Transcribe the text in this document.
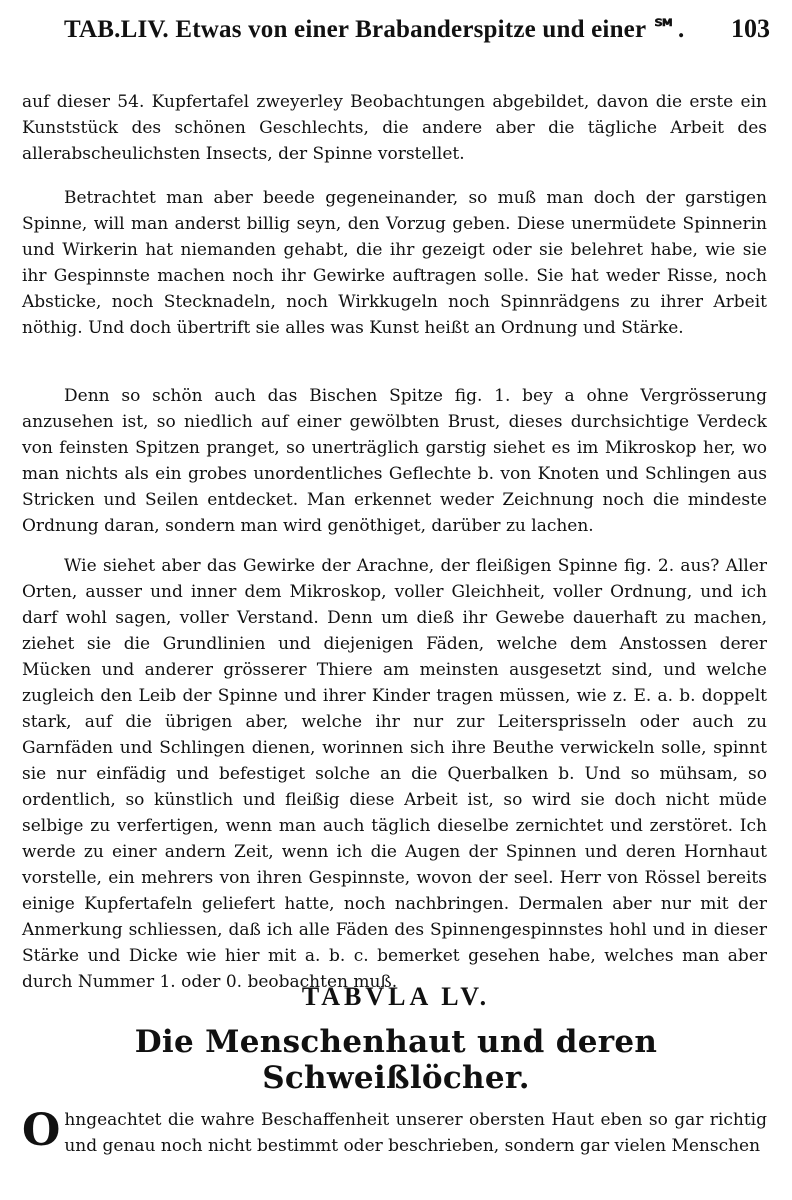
TAB.LIV. Etwas von einer Brabanderspitze und einer ℠. 103

auf dieser 54. Kupfertafel zweyerley Beobachtungen abgebildet, davon die erste ein Kunststück des schönen Geschlechts, die andere aber die tägliche Arbeit des allerabscheulichsten Insects, der Spinne vorstellet.

Betrachtet man aber beede gegeneinander, so muß man doch der garstigen Spinne, will man anderst billig seyn, den Vorzug geben. Diese unermüdete Spinnerin und Wirkerin hat niemanden gehabt, die ihr gezeigt oder sie belehret habe, wie sie ihr Gespinnste machen noch ihr Gewirke auftragen solle. Sie hat weder Risse, noch Absticke, noch Stecknadeln, noch Wirkkugeln noch Spinnrädgens zu ihrer Arbeit nöthig. Und doch übertrift sie alles was Kunst heißt an Ordnung und Stärke.

Denn so schön auch das Bischen Spitze fig. 1. bey a ohne Vergrösserung anzusehen ist, so niedlich auf einer gewölbten Brust, dieses durchsichtige Verdeck von feinsten Spitzen pranget, so unerträglich garstig siehet es im Mikroskop her, wo man nichts als ein grobes unordentliches Geflechte b. von Knoten und Schlingen aus Stricken und Seilen entdecket. Man erkennet weder Zeichnung noch die mindeste Ordnung daran, sondern man wird genöthiget, darüber zu lachen.

Wie siehet aber das Gewirke der Arachne, der fleißigen Spinne fig. 2. aus? Aller Orten, ausser und inner dem Mikroskop, voller Gleichheit, voller Ordnung, und ich darf wohl sagen, voller Verstand. Denn um dieß ihr Gewebe dauerhaft zu machen, ziehet sie die Grundlinien und diejenigen Fäden, welche dem Anstossen derer Mücken und anderer grösserer Thiere am meinsten ausgesetzt sind, und welche zugleich den Leib der Spinne und ihrer Kinder tragen müssen, wie z. E. a. b. doppelt stark, auf die übrigen aber, welche ihr nur zur Leitersprisseln oder auch zu Garnfäden und Schlingen dienen, worinnen sich ihre Beuthe verwickeln solle, spinnt sie nur einfädig und befestiget solche an die Querbalken b. Und so mühsam, so ordentlich, so künstlich und fleißig diese Arbeit ist, so wird sie doch nicht müde selbige zu verfertigen, wenn man auch täglich dieselbe zernichtet und zerstöret. Ich werde zu einer andern Zeit, wenn ich die Augen der Spinnen und deren Hornhaut vorstelle, ein mehrers von ihren Gespinnste, wovon der seel. Herr von Rössel bereits einige Kupfertafeln geliefert hatte, noch nachbringen. Dermalen aber nur mit der Anmerkung schliessen, daß ich alle Fäden des Spinnengespinnstes hohl und in dieser Stärke und Dicke wie hier mit a. b. c. bemerket gesehen habe, welches man aber durch Nummer 1. oder 0. beobachten muß.

TABVLA LV.
Die Menschenhaut und deren Schweißlöcher.

O hngeachtet die wahre Beschaffenheit unserer obersten Haut eben so gar richtig und genau noch nicht bestimmt oder beschrieben, sondern gar vielen Menschen
